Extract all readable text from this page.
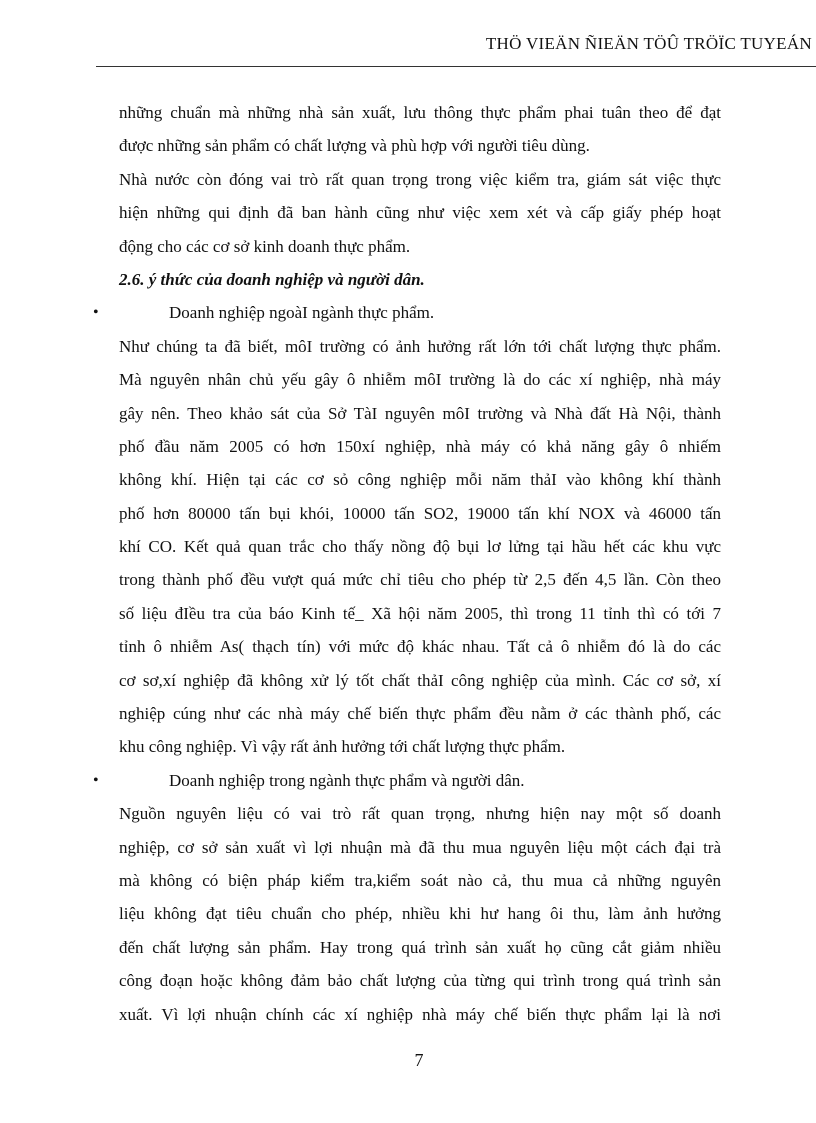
THÖ VIEÄN ÑIEÄN TÖÛ TRÖÏC TUYEÁN
những chuẩn mà những nhà sản xuất, lưu thông thực phẩm phai tuân theo để đạt
được những sản phẩm có chất lượng và phù hợp với người tiêu dùng.
Nhà nước còn đóng vai trò rất quan trọng trong việc kiểm tra, giám sát việc thực
hiện những qui định đã ban hành cũng như việc xem xét và cấp giấy phép hoạt
động cho các cơ sở kinh doanh thực phẩm.
2.6. ý thức của doanh nghiệp và người dân.
•	Doanh nghiệp ngoàI ngành thực phẩm.
Như chúng ta đã biết, môI trường có ảnh hưởng rất lớn tới chất lượng thực phẩm.
Mà nguyên nhân chủ yếu gây ô nhiễm môI trường là do các xí nghiệp, nhà máy
gây nên. Theo khảo sát của Sở TàI nguyên môI trường và Nhà đất Hà Nội, thành
phố đầu năm 2005 có hơn 150xí nghiệp, nhà máy có khả năng gây ô nhiếm
không khí. Hiện tại các cơ sỏ công nghiệp mỗi năm thảI vào không khí thành
phố hơn 80000 tấn bụi khói, 10000 tấn SO2, 19000 tấn khí NOX và 46000 tấn
khí CO. Kết quả quan trắc cho thấy nồng độ bụi lơ lửng tại hầu hết các khu vực
trong thành phố đều vượt quá mức chỉ tiêu cho phép từ 2,5 đến 4,5 lần. Còn theo
số liệu đIều tra của báo Kinh tế_ Xã hội năm 2005, thì trong 11 tỉnh thì có tới 7
tỉnh ô nhiễm As( thạch tín) với mức độ khác nhau. Tất cả ô nhiễm đó là do các
cơ sơ,xí nghiệp đã không xử lý tốt chất thảI công nghiệp của mình. Các cơ sở, xí
nghiệp cúng như các nhà máy chế biến thực phẩm đều nằm ở các thành phố, các
khu công nghiệp. Vì vậy rất ảnh hưởng tới chất lượng thực phẩm.
•	Doanh nghiệp trong ngành thực phẩm và người dân.
Nguồn nguyên liệu có vai trò rất quan trọng, nhưng hiện nay một số doanh
nghiệp, cơ sở sản xuất vì lợi nhuận mà đã thu mua nguyên liệu một cách đại trà
mà không có biện pháp kiểm tra,kiểm soát nào cả, thu mua cả những nguyên
liệu không đạt tiêu chuẩn cho phép, nhiều khi hư hang ôi thu, làm ảnh hưởng
đến chất lượng sản phẩm. Hay trong quá trình sản xuất họ cũng cắt giảm nhiều
công đoạn hoặc không đảm bảo chất lượng của từng qui trình trong quá trình sản
xuất. Vì lợi nhuận chính các xí nghiệp nhà máy chế biến thực phẩm lại là nơi
7
